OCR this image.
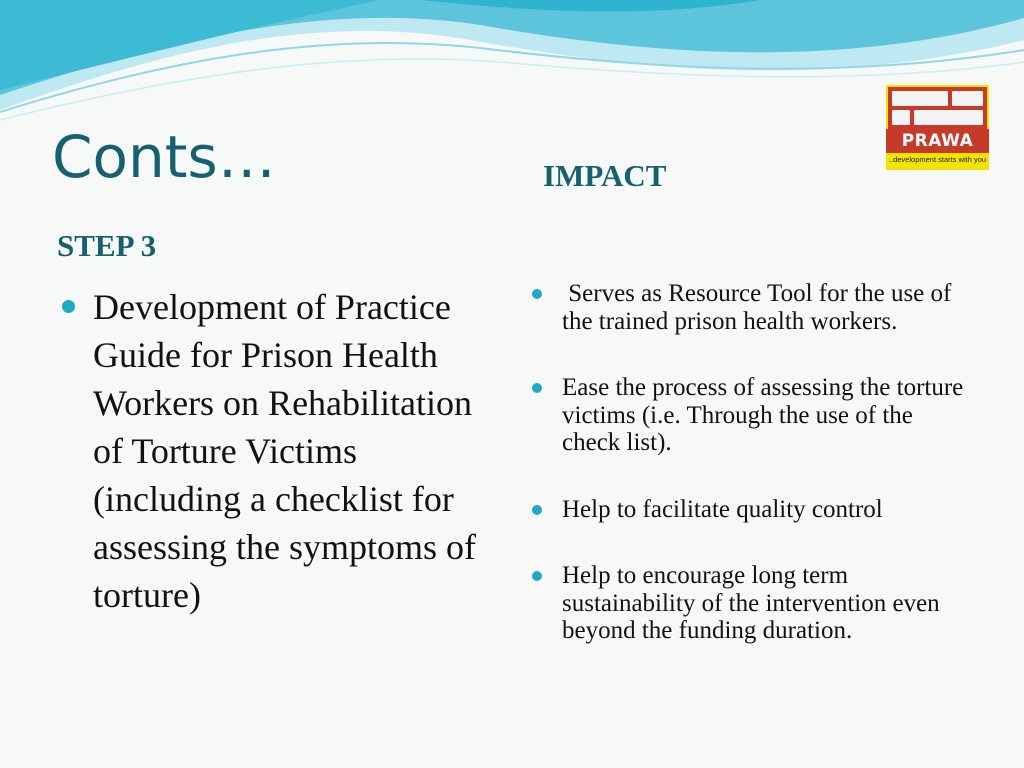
Conts…	IMPACT
STEP 3
PRAWA
..development starts with you
Development of Practice Guide for Prison Health Workers on Rehabilitation of Torture Victims (including a checklist for assessing the symptoms of torture)
Serves as Resource Tool for the use of the trained prison health workers.
Ease the process of assessing the torture victims (i.e. Through the use of the check list).
Help to facilitate quality control
Help to encourage long term sustainability of the intervention even beyond the funding duration.
